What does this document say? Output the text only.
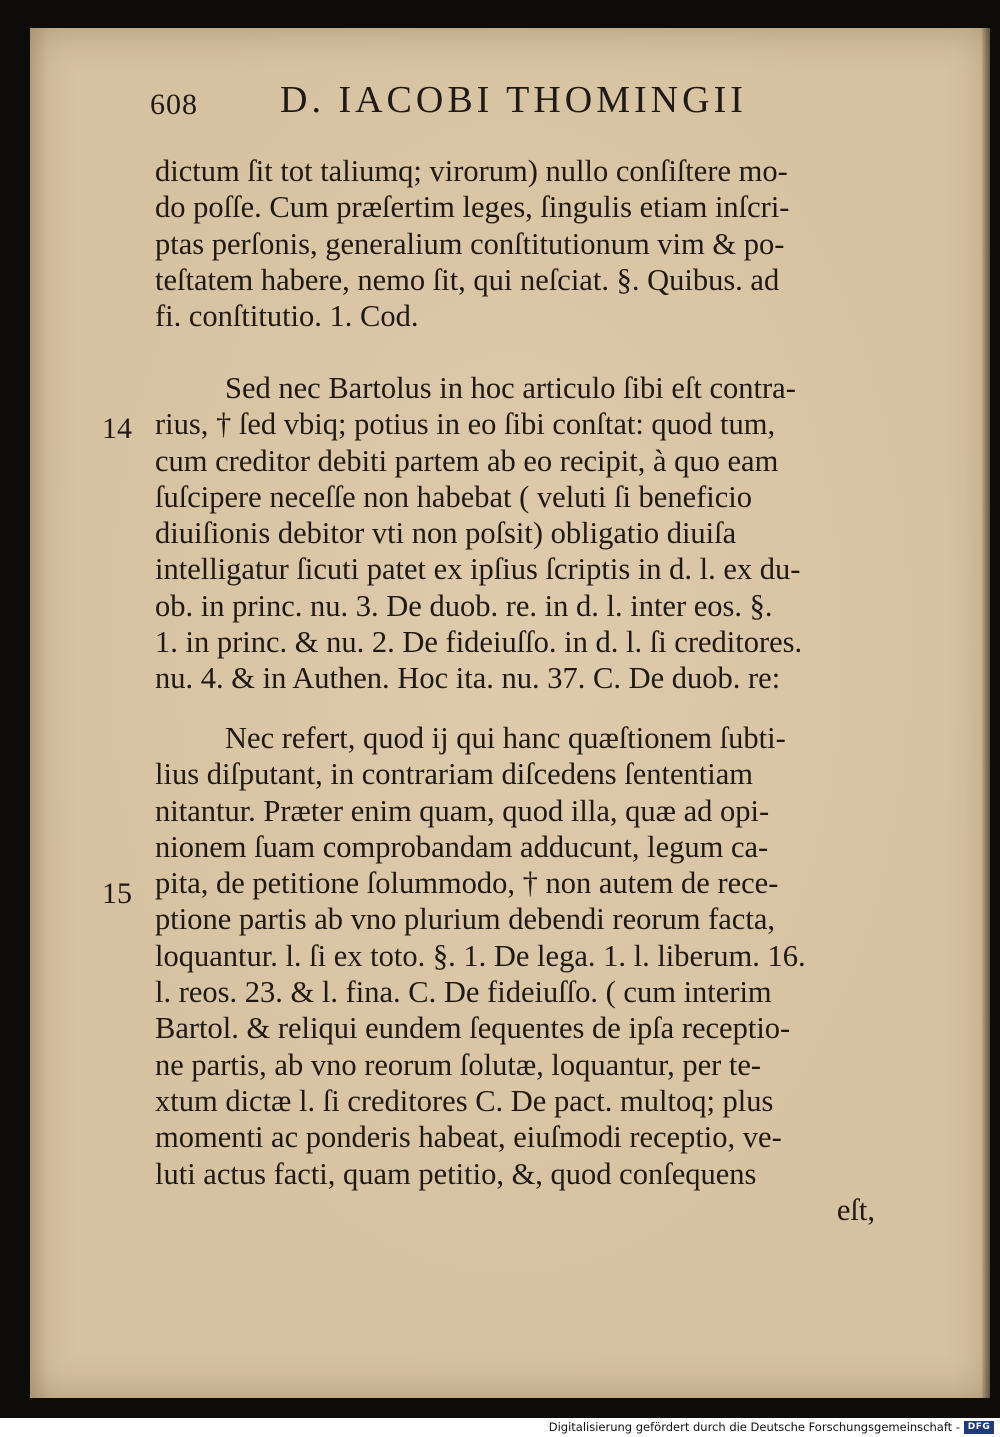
608 D. IACOBI THOMINGII
14
15
dictum ſit tot taliumq; virorum) nullo conſiſtere mo-
do poſſe. Cum præſertim leges, ſingulis etiam inſcri-
ptas perſonis, generalium conſtitutionum vim & po-
teſtatem habere, nemo ſit, qui neſciat. §. Quibus. ad
fi. conſtitutio. 1. Cod.
Sed nec Bartolus in hoc articulo ſibi eſt contra-
rius, † ſed vbiq; potius in eo ſibi conſtat: quod tum,
cum creditor debiti partem ab eo recipit, à quo eam
ſuſcipere neceſſe non habebat ( veluti ſi beneficio
diuiſionis debitor vti non poſsit) obligatio diuiſa
intelligatur ſicuti patet ex ipſius ſcriptis in d. l. ex du-
ob. in princ. nu. 3. De duob. re. in d. l. inter eos. §.
1. in princ. & nu. 2. De fideiuſſo. in d. l. ſi creditores.
nu. 4. & in Authen. Hoc ita. nu. 37. C. De duob. re:
Nec refert, quod ij qui hanc quæſtionem ſubti-
lius diſputant, in contrariam diſcedens ſententiam
nitantur. Præter enim quam, quod illa, quæ ad opi-
nionem ſuam comprobandam adducunt, legum ca-
pita, de petitione ſolummodo, † non autem de rece-
ptione partis ab vno plurium debendi reorum facta,
loquantur. l. ſi ex toto. §. 1. De lega. 1. l. liberum. 16.
l. reos. 23. & l. fina. C. De fideiuſſo. ( cum interim
Bartol. & reliqui eundem ſequentes de ipſa receptio-
ne partis, ab vno reorum ſolutæ, loquantur, per te-
xtum dictæ l. ſi creditores C. De pact. multoq; plus
momenti ac ponderis habeat, eiuſmodi receptio, ve-
luti actus facti, quam petitio, &, quod conſequens
eſt,
Digitalisierung gefördert durch die Deutsche Forschungsgemeinschaft - DFG
